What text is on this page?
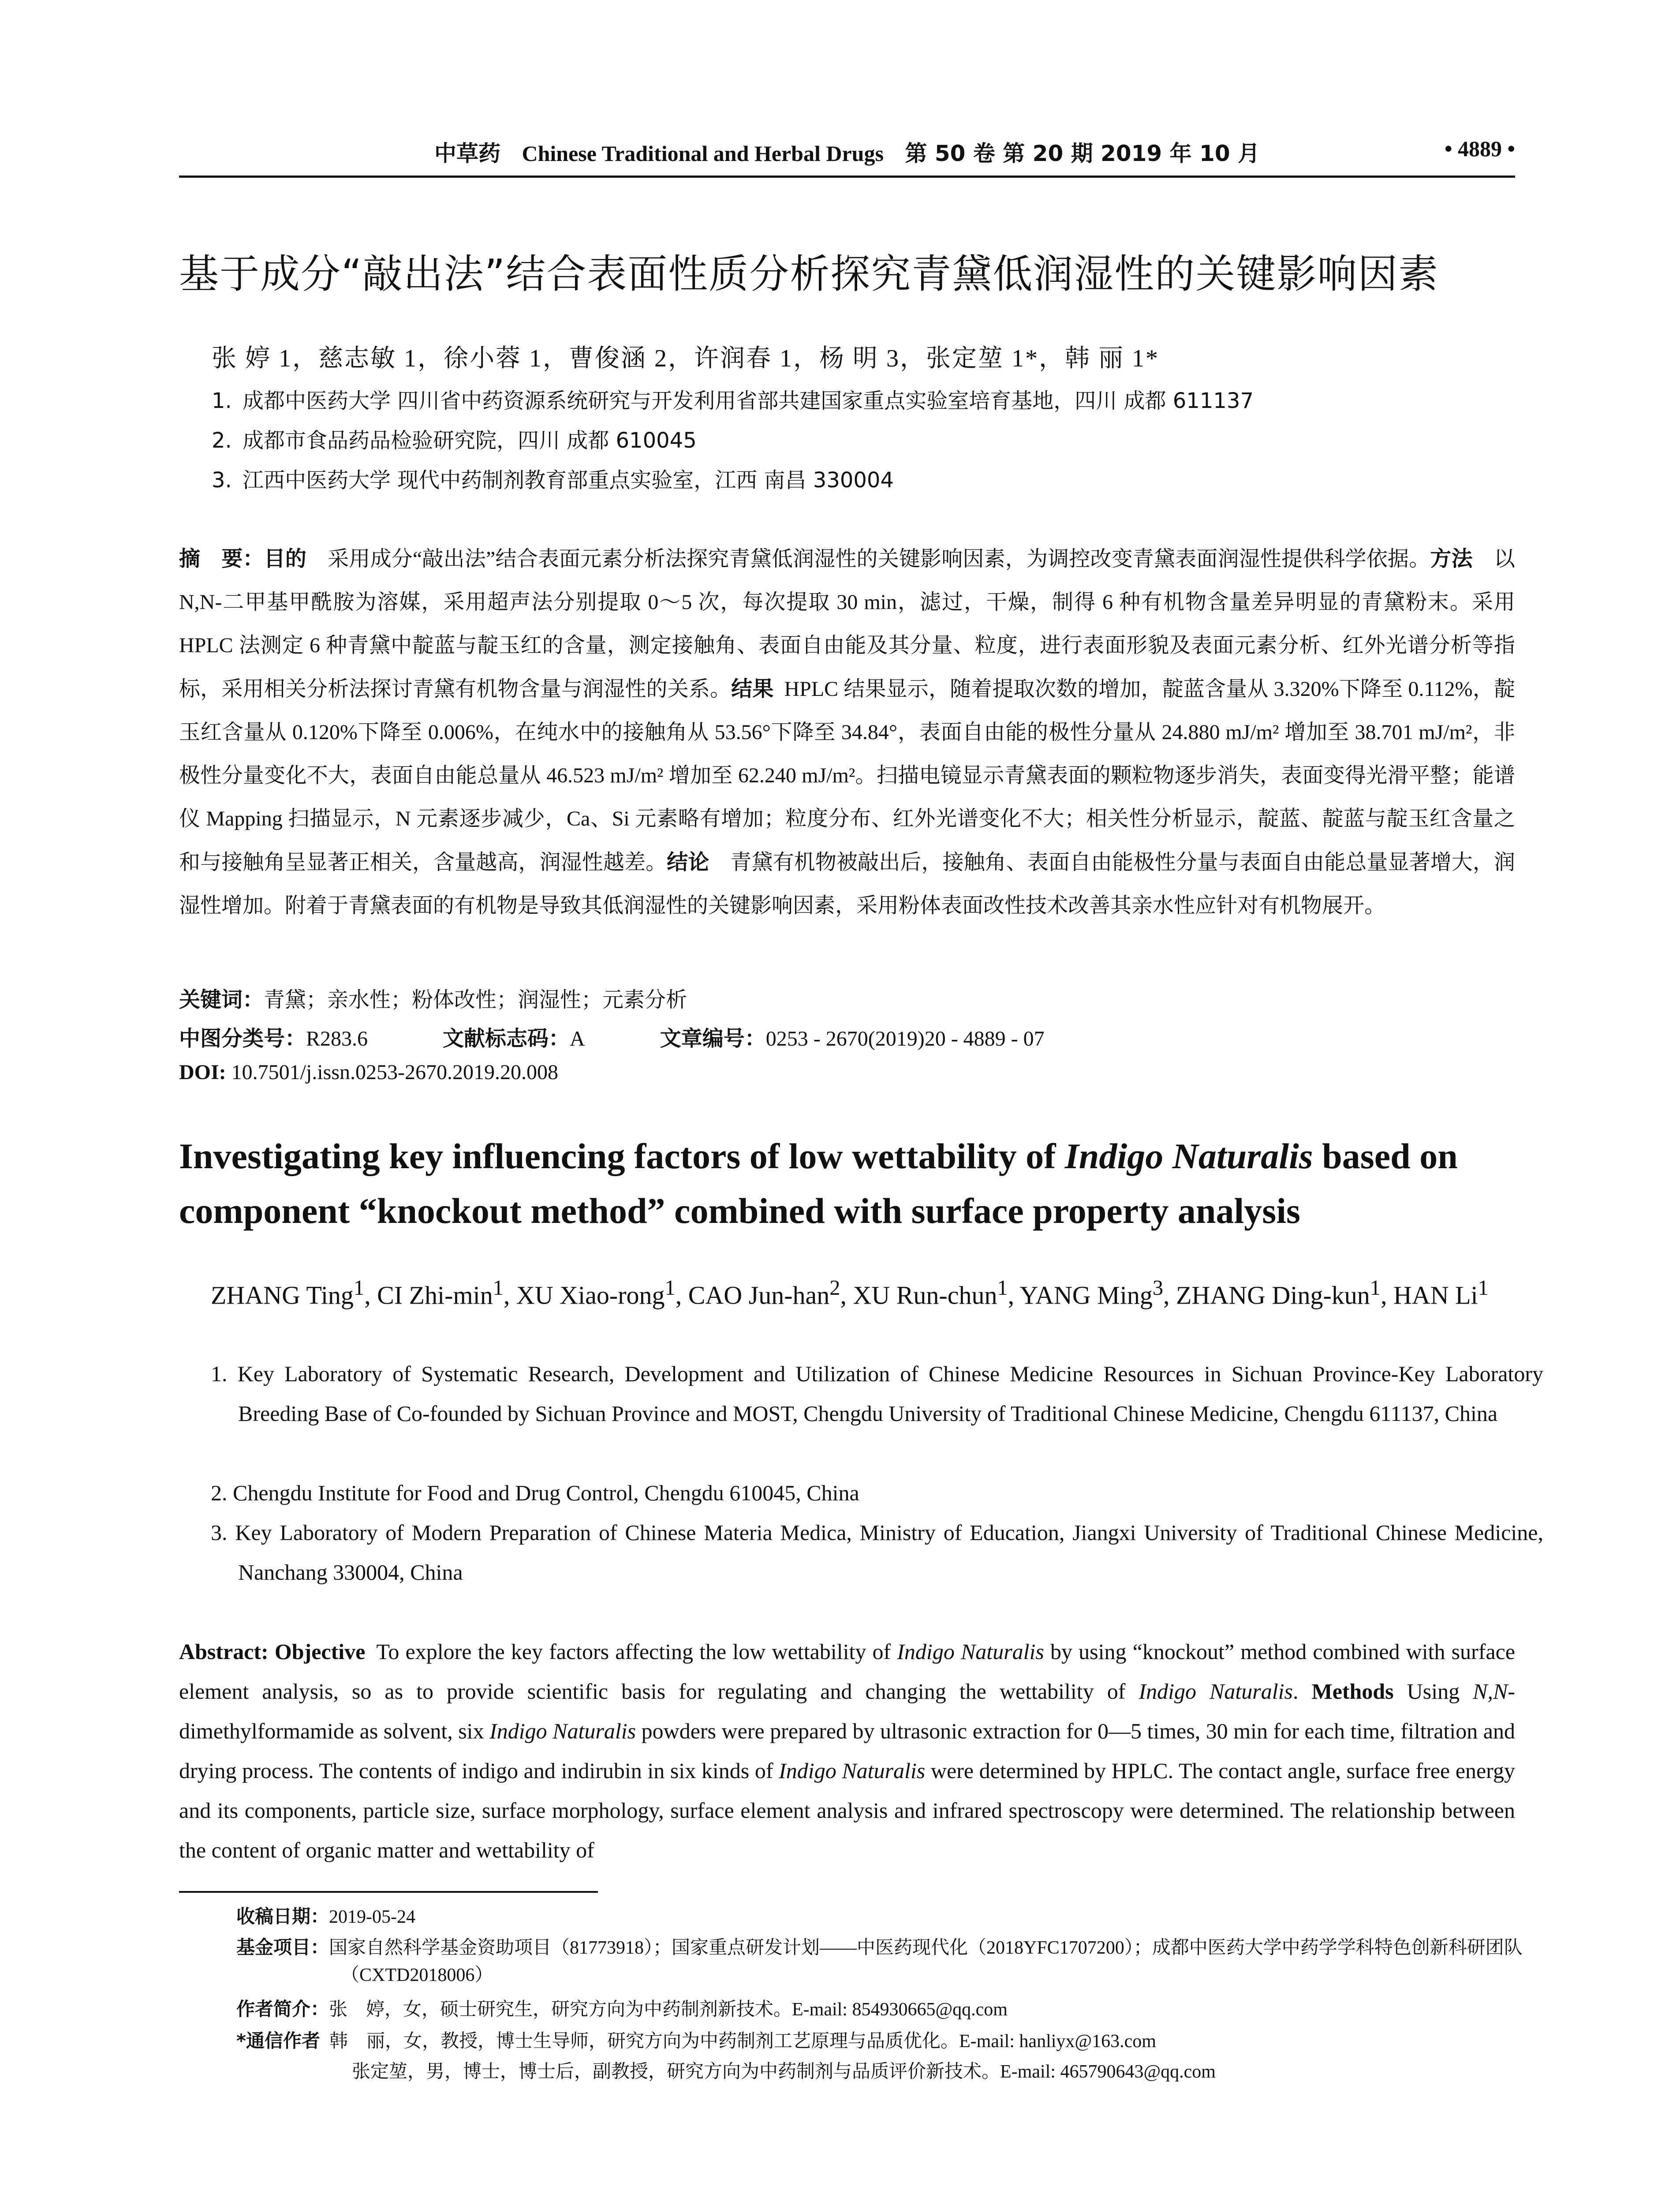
中草药 Chinese Traditional and Herbal Drugs 第 50 卷 第 20 期 2019 年 10 月	• 4889 •
基于成分“敲出法”结合表面性质分析探究青黛低润湿性的关键影响因素
张 婷 1，慈志敏 1，徐小蓉 1，曹俊涵 2，许润春 1，杨 明 3，张定堃 1*，韩 丽 1*
1. 成都中医药大学 四川省中药资源系统研究与开发利用省部共建国家重点实验室培育基地，四川 成都 611137
2. 成都市食品药品检验研究院，四川 成都 610045
3. 江西中医药大学 现代中药制剂教育部重点实验室，江西 南昌 330004
摘　要：目的  采用成分“敲出法”结合表面元素分析法探究青黛低润湿性的关键影响因素，为调控改变青黛表面润湿性提供科学依据。方法  以 N,N-二甲基甲酰胺为溶媒，采用超声法分别提取 0～5 次，每次提取 30 min，滤过，干燥，制得 6 种有机物含量差异明显的青黛粉末。采用 HPLC 法测定 6 种青黛中靛蓝与靛玉红的含量，测定接触角、表面自由能及其分量、粒度，进行表面形貌及表面元素分析、红外光谱分析等指标，采用相关分析法探讨青黛有机物含量与润湿性的关系。结果  HPLC 结果显示，随着提取次数的增加，靛蓝含量从 3.320%下降至 0.112%，靛玉红含量从 0.120%下降至 0.006%，在纯水中的接触角从 53.56°下降至 34.84°，表面自由能的极性分量从 24.880 mJ/m² 增加至 38.701 mJ/m²，非极性分量变化不大，表面自由能总量从 46.523 mJ/m² 增加至 62.240 mJ/m²。扫描电镜显示青黛表面的颗粒物逐步消失，表面变得光滑平整；能谱仪 Mapping 扫描显示，N 元素逐步减少，Ca、Si 元素略有增加；粒度分布、红外光谱变化不大；相关性分析显示，靛蓝、靛蓝与靛玉红含量之和与接触角呈显著正相关，含量越高，润湿性越差。结论  青黛有机物被敲出后，接触角、表面自由能极性分量与表面自由能总量显著增大，润湿性增加。附着于青黛表面的有机物是导致其低润湿性的关键影响因素，采用粉体表面改性技术改善其亲水性应针对有机物展开。
关键词：青黛；亲水性；粉体改性；润湿性；元素分析
中图分类号：R283.6	文献标志码：A	文章编号：0253 - 2670(2019)20 - 4889 - 07
DOI: 10.7501/j.issn.0253-2670.2019.20.008
Investigating key influencing factors of low wettability of Indigo Naturalis based on component “knockout method” combined with surface property analysis
ZHANG Ting$^1$, CI Zhi-$\min^1$, XU Xiao-rong$^1$, CAO Jun-han$^2$, XU Run-chun$^1$, YANG Ming$^3$, ZHANG Ding-kun$^1$, HAN Li$^1$
1. Key Laboratory of Systematic Research, Development and Utilization of Chinese Medicine Resources in Sichuan Province-Key Laboratory Breeding Base of Co-founded by Sichuan Province and MOST, Chengdu University of Traditional Chinese Medicine, Chengdu 611137, China
2. Chengdu Institute for Food and Drug Control, Chengdu 610045, China
3. Key Laboratory of Modern Preparation of Chinese Materia Medica, Ministry of Education, Jiangxi University of Traditional Chinese Medicine, Nanchang 330004, China
Abstract: Objective  To explore the key factors affecting the low wettability of Indigo Naturalis by using “knockout” method combined with surface element analysis, so as to provide scientific basis for regulating and changing the wettability of Indigo Naturalis. Methods Using N,N-dimethylformamide as solvent, six Indigo Naturalis powders were prepared by ultrasonic extraction for 0—5 times, 30 min for each time, filtration and drying process. The contents of indigo and indirubin in six kinds of Indigo Naturalis were determined by HPLC. The contact angle, surface free energy and its components, particle size, surface morphology, surface element analysis and infrared spectroscopy were determined. The relationship between the content of organic matter and wettability of
收稿日期：2019-05-24
基金项目：国家自然科学基金资助项目（81773918）；国家重点研发计划——中医药现代化（2018YFC1707200）；成都中医药大学中药学学科特色创新科研团队（CXTD2018006）
作者简介：张　婷，女，硕士研究生，研究方向为中药制剂新技术。E-mail: 854930665@qq.com
*通信作者  韩　丽，女，教授，博士生导师，研究方向为中药制剂工艺原理与品质优化。E-mail: hanliyx@163.com
张定堃，男，博士，博士后，副教授，研究方向为中药制剂与品质评价新技术。E-mail: 465790643@qq.com
